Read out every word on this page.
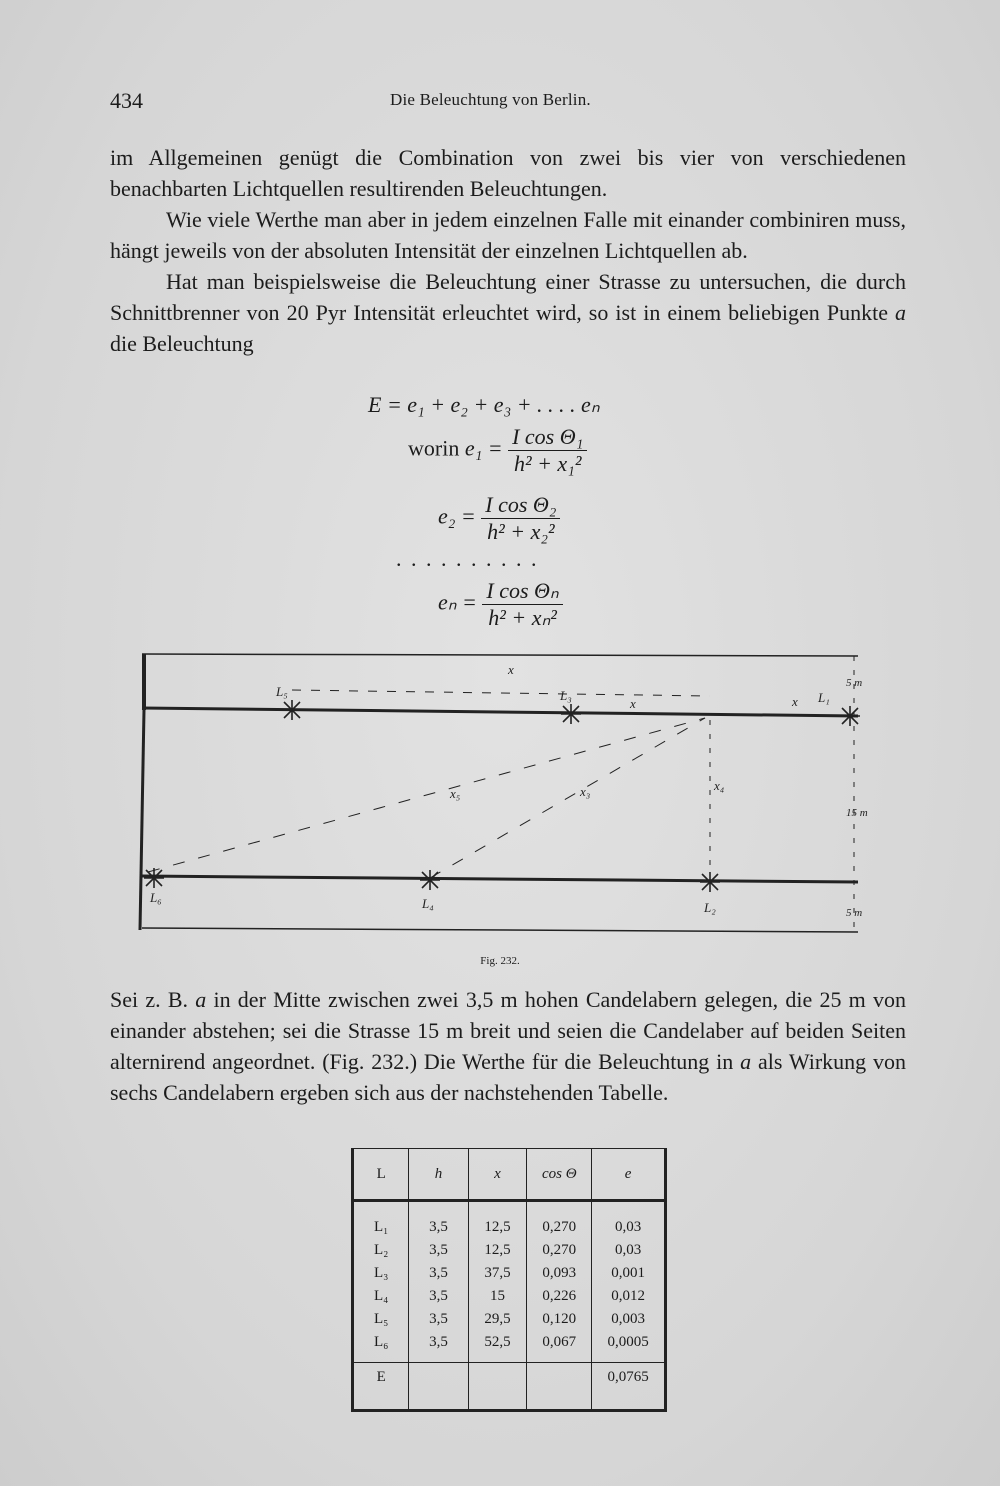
434	Die Beleuchtung von Berlin.

im Allgemeinen genügt die Combination von zwei bis vier von verschiedenen benachbarten Lichtquellen resultirenden Beleuchtungen.

Wie viele Werthe man aber in jedem einzelnen Falle mit einander combiniren muss, hängt jeweils von der absoluten Intensität der einzelnen Lichtquellen ab.

Hat man beispielsweise die Beleuchtung einer Strasse zu untersuchen, die durch Schnittbrenner von 20 Pyr Intensität erleuchtet wird, so ist in einem beliebigen Punkte a die Beleuchtung

E = e₁ + e₂ + e₃ + . . . . eₙ
worin $e_1 = \frac{\text{I cos Θ₁}}{\text{h² + x₁²}}$
$e_2 = \frac{\text{I cos Θ₂}}{\text{h² + x₂²}}$
. . . . . . . . . .
$e_n = \frac{\text{I cos Θₙ}}{\text{h² + xₙ²}}$
L₅	L₃	L₁
L₆	L₄	L₂
x
x	x
x₅	x₃	x₄
5 m
15 m
5 m
Fig. 232.

Sei z. B. a in der Mitte zwischen zwei 3,5 m hohen Candelabern gelegen, die 25 m von einander abstehen; sei die Strasse 15 m breit und seien die Candelaber auf beiden Seiten alternirend angeordnet. (Fig. 232.) Die Werthe für die Beleuchtung in a als Wirkung von sechs Candelabern ergeben sich aus der nachstehenden Tabelle.

L	h	x	cos Θ	e
L₁	3,5	12,5	0,270	0,03
L₂	3,5	12,5	0,270	0,03
L₃	3,5	37,5	0,093	0,001
L₄	3,5	15	0,226	0,012
L₅	3,5	29,5	0,120	0,003
L₆	3,5	52,5	0,067	0,0005
E				0,0765
